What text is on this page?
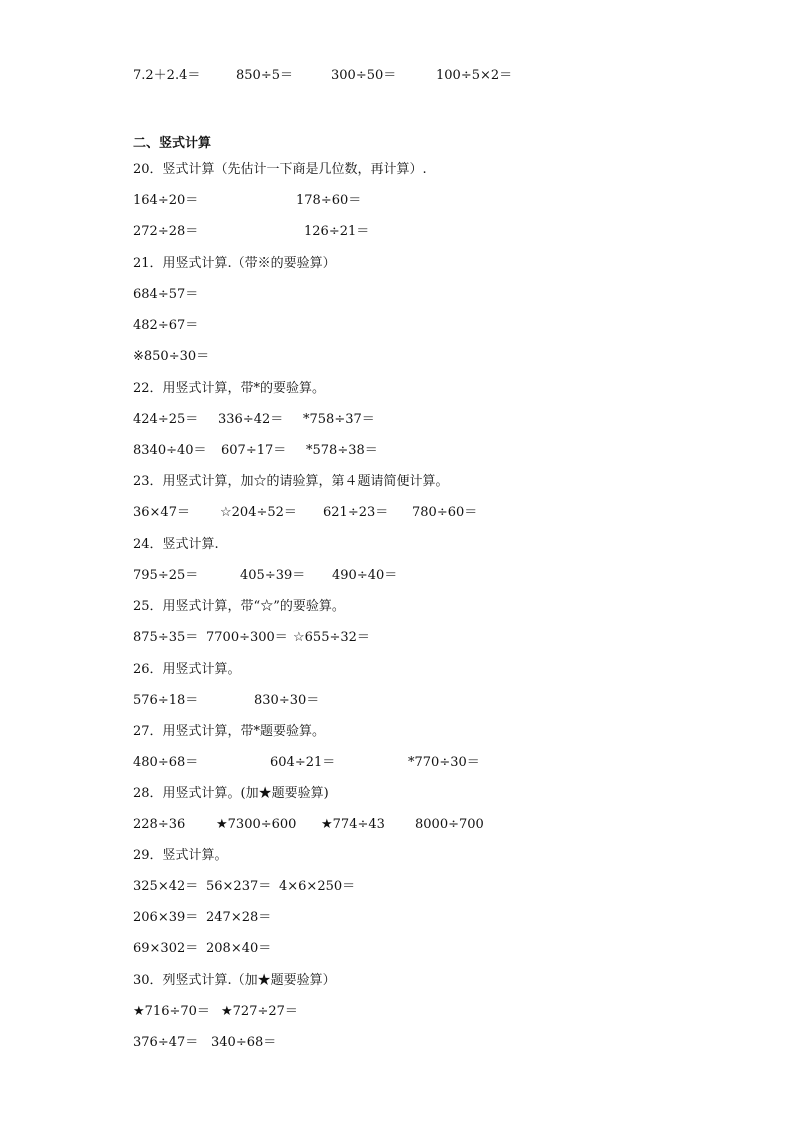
7.2＋2.4＝	850÷5＝	300÷50＝	100÷5×2＝
二、竖式计算
20．竖式计算（先估计一下商是几位数，再计算）.
164÷20＝	178÷60＝
272÷28＝	126÷21＝
21．用竖式计算.（带※的要验算）
684÷57＝
482÷67＝
※850÷30＝
22．用竖式计算，带*的要验算。
424÷25＝ 336÷42＝ *758÷37＝
8340÷40＝ 607÷17＝ *578÷38＝
23．用竖式计算，加☆的请验算，第４题请简便计算。
36×47＝ ☆204÷52＝ 621÷23＝ 780÷60＝
24．竖式计算.
795÷25＝	405÷39＝ 490÷40＝
25．用竖式计算，带“☆”的要验算。
875÷35＝ 7700÷300＝ ☆655÷32＝
26．用竖式计算。
576÷18＝	830÷30＝
27．用竖式计算，带*题要验算。
480÷68＝	604÷21＝	*770÷30＝
28．用竖式计算。(加★题要验算)
228÷36 ★7300÷600 ★774÷43 8000÷700
29．竖式计算。
325×42＝ 56×237＝ 4×6×250＝
206×39＝ 247×28＝
69×302＝ 208×40＝
30．列竖式计算.（加★题要验算）
★716÷70＝ ★727÷27＝
376÷47＝ 340÷68＝
